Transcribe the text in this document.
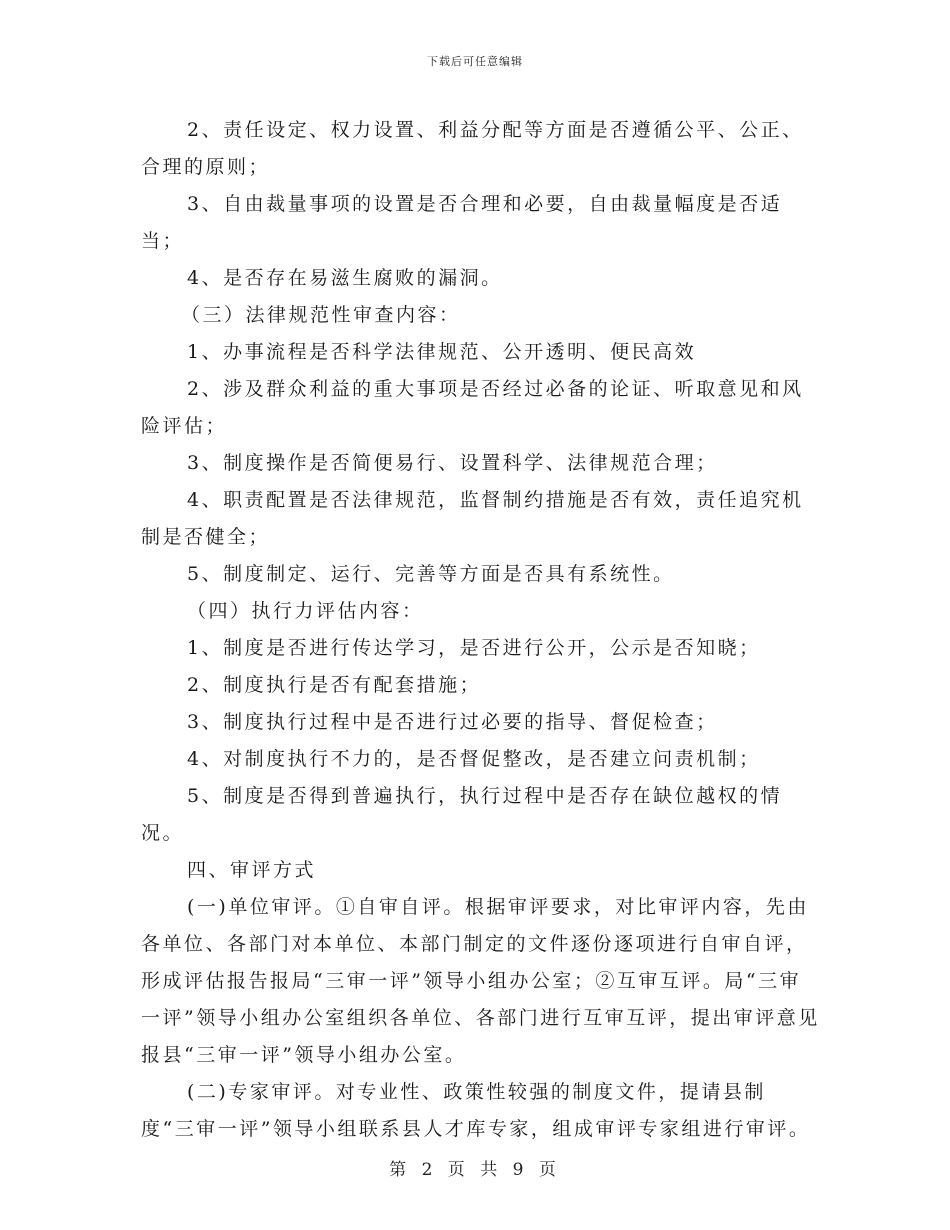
下载后可任意编辑

2、责任设定、权力设置、利益分配等方面是否遵循公平、公正、合理的原则；

3、自由裁量事项的设置是否合理和必要，自由裁量幅度是否适当；

4、是否存在易滋生腐败的漏洞。

（三）法律规范性审查内容：

1、办事流程是否科学法律规范、公开透明、便民高效

2、涉及群众利益的重大事项是否经过必备的论证、听取意见和风险评估；

3、制度操作是否简便易行、设置科学、法律规范合理；

4、职责配置是否法律规范，监督制约措施是否有效，责任追究机制是否健全；

5、制度制定、运行、完善等方面是否具有系统性。

（四）执行力评估内容：

1、制度是否进行传达学习，是否进行公开，公示是否知晓；

2、制度执行是否有配套措施；

3、制度执行过程中是否进行过必要的指导、督促检查；

4、对制度执行不力的，是否督促整改，是否建立问责机制；

5、制度是否得到普遍执行，执行过程中是否存在缺位越权的情况。

四、审评方式

(一)单位审评。①自审自评。根据审评要求，对比审评内容，先由各单位、各部门对本单位、本部门制定的文件逐份逐项进行自审自评，形成评估报告报局“三审一评”领导小组办公室；②互审互评。局“三审一评”领导小组办公室组织各单位、各部门进行互审互评，提出审评意见报县“三审一评”领导小组办公室。

(二)专家审评。对专业性、政策性较强的制度文件，提请县制度“三审一评”领导小组联系县人才库专家，组成审评专家组进行审评。

第 2 页 共 9 页
